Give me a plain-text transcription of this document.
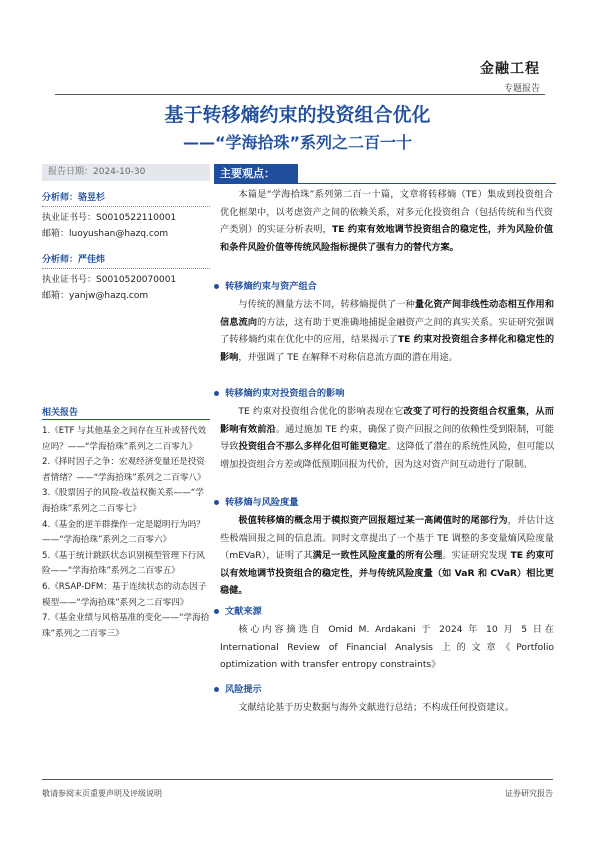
金融工程
专题报告
基于转移熵约束的投资组合优化
——“学海拾珠”系列之二百一十
报告日期：2024-10-30
分析师：骆昱杉
执业证书号：S0010522110001
邮箱：luoyushan@hazq.com
分析师：严佳炜
执业证书号：S0010520070001
邮箱：yanjw@hazq.com
相关报告
1.《ETF 与其他基金之间存在互补或替代效应吗？——“学海拾珠”系列之二百零九》
2.《择时因子之争：宏观经济变量还是投资者情绪？——“学海拾珠”系列之二百零八》
3.《股票因子的风险-收益权衡关系——“学海拾珠”系列之二百零七》
4.《基金的逆羊群操作一定是聪明行为吗？——“学海拾珠”系列之二百零六》
5.《基于统计跳跃状态识别模型管理下行风险——“学海拾珠”系列之二百零五》
6.《RSAP-DFM：基于连续状态的动态因子模型——“学海拾珠”系列之二百零四》
7.《基金业绩与风格基准的变化——“学海拾珠”系列之二百零三》
主要观点：
本篇是“学海拾珠”系列第二百一十篇，文章将转移熵（TE）集成到投资组合优化框架中，以考虑资产之间的依赖关系，对多元化投资组合（包括传统和当代资产类别）的实证分析表明，TE 约束有效地调节投资组合的稳定性，并为风险价值和条件风险价值等传统风险指标提供了强有力的替代方案。
转移熵约束与资产组合
与传统的测量方法不同，转移熵提供了一种量化资产间非线性动态相互作用和信息流向的方法，这有助于更准确地捕捉金融资产之间的真实关系。实证研究强调了转移熵约束在优化中的应用，结果揭示了TE 约束对投资组合多样化和稳定性的影响，并强调了 TE 在解释不对称信息流方面的潜在用途。
转移熵约束对投资组合的影响
TE 约束对投资组合优化的影响表现在它改变了可行的投资组合权重集，从而影响有效前沿。通过施加 TE 约束，确保了资产回报之间的依赖性受到限制，可能导致投资组合不那么多样化但可能更稳定。这降低了潜在的系统性风险，但可能以增加投资组合方差或降低预期回报为代价，因为这对资产间互动进行了限制。
转移熵与风险度量
极值转移熵的概念用于模拟资产回报超过某一高阈值时的尾部行为，并估计这些极端回报之间的信息流。同时文章提出了一个基于 TE 调整的多变量熵风险度量（mEVaR），证明了其满足一致性风险度量的所有公理。实证研究发现 TE 约束可以有效地调节投资组合的稳定性，并与传统风险度量（如 VaR 和 CVaR）相比更稳健。
文献来源
核心内容摘选自 Omid M. Ardakani 于 2024 年 10 月 5 日在 International Review of Financial Analysis 上的文章《Portfolio optimization with transfer entropy constraints》
风险提示
文献结论基于历史数据与海外文献进行总结；不构成任何投资建议。
敬请参阅末页重要声明及评级说明	证券研究报告
